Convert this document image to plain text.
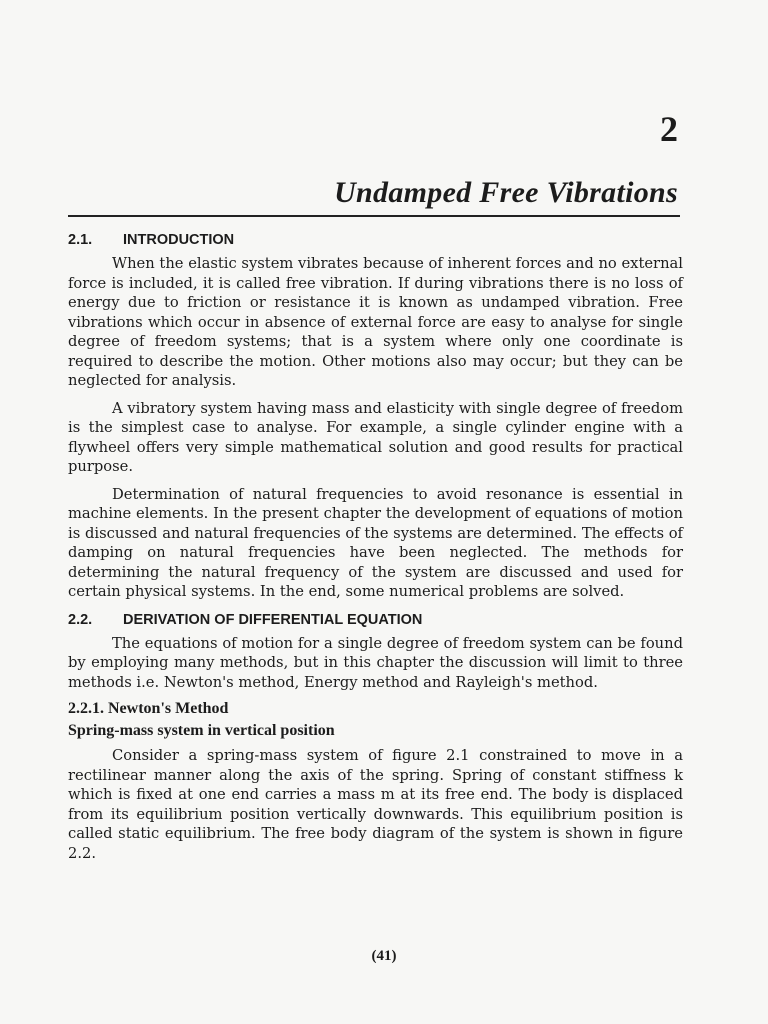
2
Undamped Free Vibrations
2.1.	INTRODUCTION

When the elastic system vibrates because of inherent forces and no external force is included, it is called free vibration. If during vibrations there is no loss of energy due to friction or resistance it is known as undamped vibration. Free vibrations which occur in absence of external force are easy to analyse for single degree of freedom systems; that is a system where only one coordinate is required to describe the motion. Other motions also may occur; but they can be neglected for analysis.

A vibratory system having mass and elasticity with single degree of freedom is the simplest case to analyse. For example, a single cylinder engine with a flywheel offers very simple mathematical solution and good results for practical purpose.

Determination of natural frequencies to avoid resonance is essential in machine elements. In the present chapter the development of equations of motion is discussed and natural frequencies of the systems are determined. The effects of damping on natural frequencies have been neglected. The methods for determining the natural frequency of the system are discussed and used for certain physical systems. In the end, some numerical problems are solved.

2.2.	DERIVATION OF DIFFERENTIAL EQUATION

The equations of motion for a single degree of freedom system can be found by employing many methods, but in this chapter the discussion will limit to three methods i.e. Newton's method, Energy method and Rayleigh's method.

2.2.1. Newton's Method
Spring-mass system in vertical position

Consider a spring-mass system of figure 2.1 constrained to move in a rectilinear manner along the axis of the spring. Spring of constant stiffness k which is fixed at one end carries a mass m at its free end. The body is displaced from its equilibrium position vertically downwards. This equilibrium position is called static equilibrium. The free body diagram of the system is shown in figure 2.2.

(41)
